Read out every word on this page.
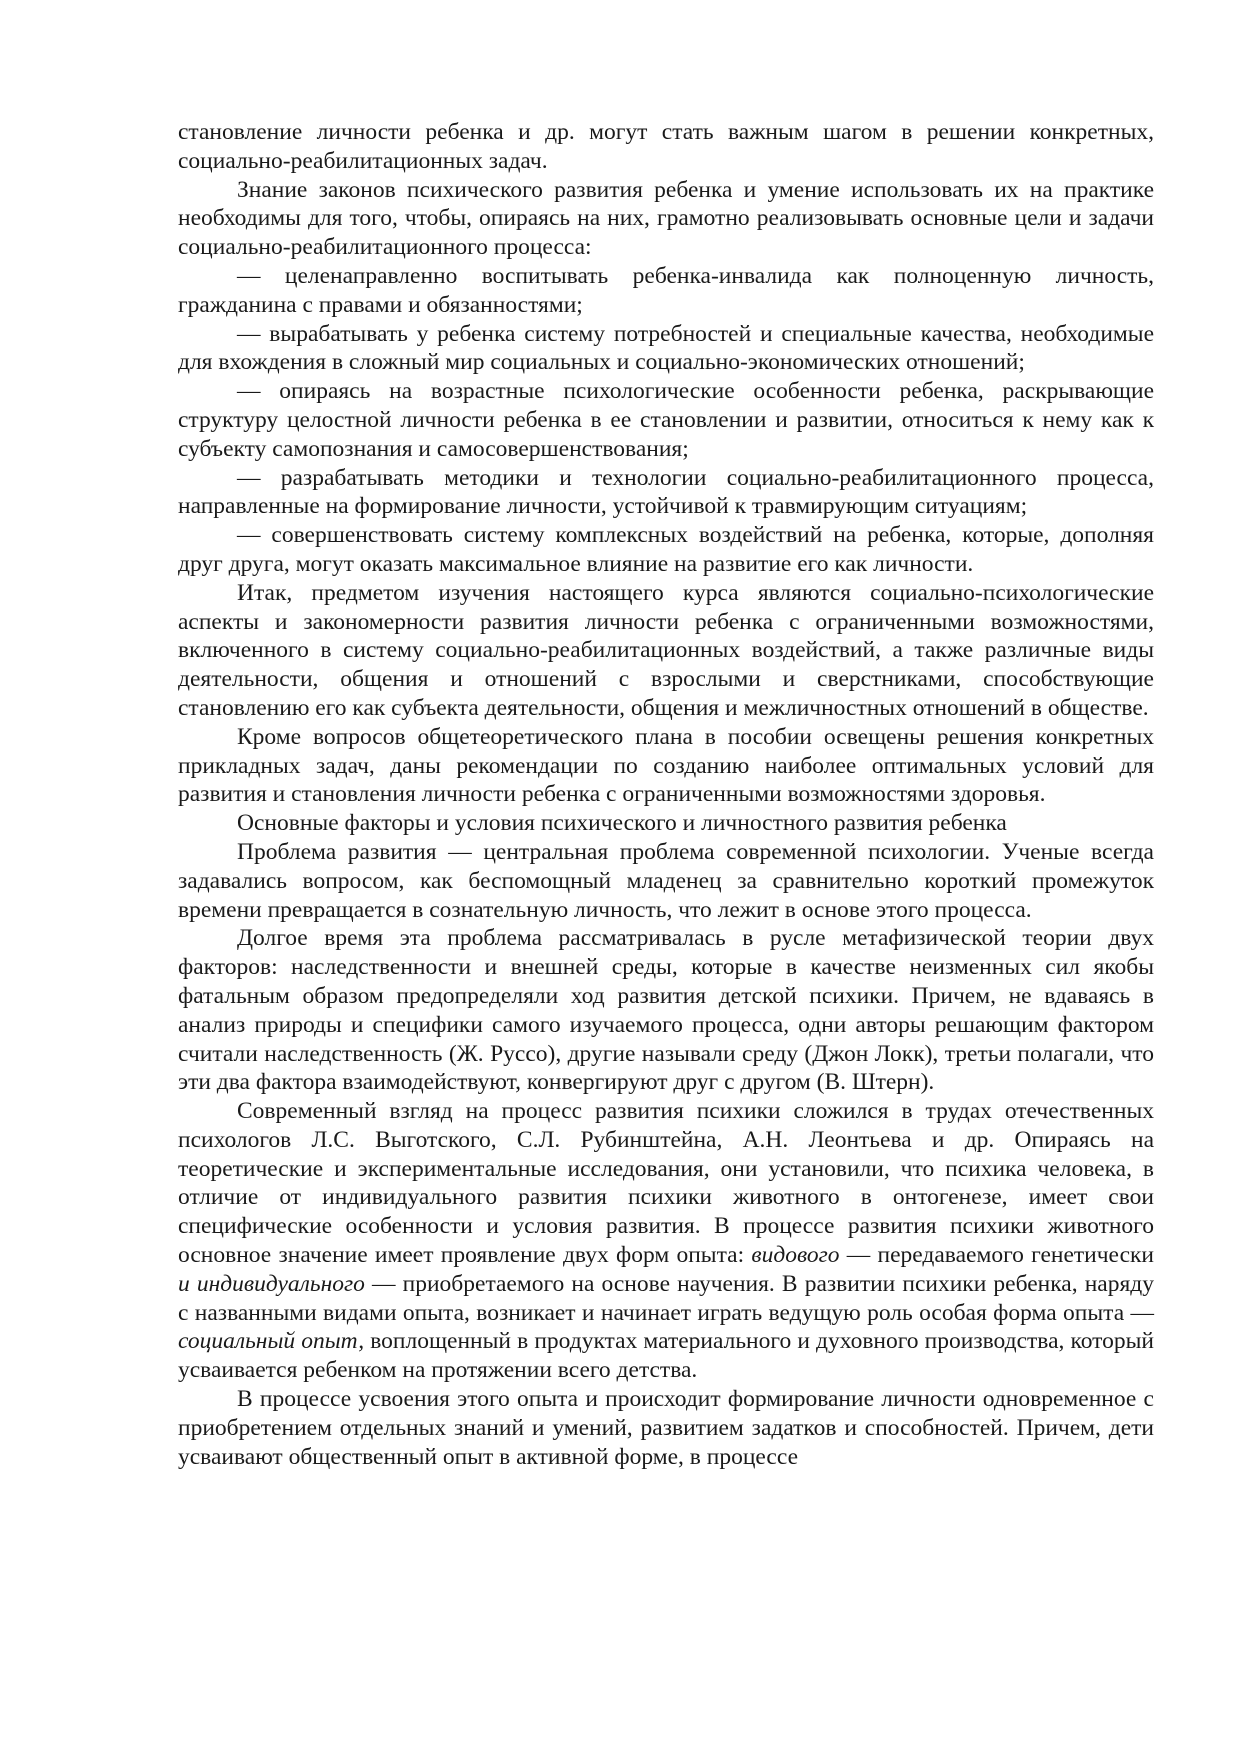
становление личности ребенка и др. могут стать важным шагом в решении конкретных, социально-реабилитационных задач.

Знание законов психического развития ребенка и умение использовать их на практике необходимы для того, чтобы, опираясь на них, грамотно реализовывать основные цели и задачи социально-реабилитационного процесса:

— целенаправленно воспитывать ребенка-инвалида как полноценную личность, гражданина с правами и обязанностями;

— вырабатывать у ребенка систему потребностей и специальные качества, необходимые для вхождения в сложный мир социальных и социально-экономических отношений;

— опираясь на возрастные психологические особенности ребенка, раскрывающие структуру целостной личности ребенка в ее становлении и развитии, относиться к нему как к субъекту самопознания и самосовершенствования;

— разрабатывать методики и технологии социально-реабилитационного процесса, направленные на формирование личности, устойчивой к травмирующим ситуациям;

— совершенствовать систему комплексных воздействий на ребенка, которые, дополняя друг друга, могут оказать максимальное влияние на развитие его как личности.

Итак, предметом изучения настоящего курса являются социально-психологические аспекты и закономерности развития личности ребенка с ограниченными возможностями, включенного в систему социально-реабилитационных воздействий, а также различные виды деятельности, общения и отношений с взрослыми и сверстниками, способствующие становлению его как субъекта деятельности, общения и межличностных отношений в обществе.

Кроме вопросов общетеоретического плана в пособии освещены решения конкретных прикладных задач, даны рекомендации по созданию наиболее оптимальных условий для развития и становления личности ребенка с ограниченными возможностями здоровья.

Основные факторы и условия психического и личностного развития ребенка

Проблема развития — центральная проблема современной психологии. Ученые всегда задавались вопросом, как беспомощный младенец за сравнительно короткий промежуток времени превращается в сознательную личность, что лежит в основе этого процесса.

Долгое время эта проблема рассматривалась в русле метафизической теории двух факторов: наследственности и внешней среды, которые в качестве неизменных сил якобы фатальным образом предопределяли ход развития детской психики. Причем, не вдаваясь в анализ природы и специфики самого изучаемого процесса, одни авторы решающим фактором считали наследственность (Ж. Руссо), другие называли среду (Джон Локк), третьи полагали, что эти два фактора взаимодействуют, конвергируют друг с другом (В. Штерн).

Современный взгляд на процесс развития психики сложился в трудах отечественных психологов Л.С. Выготского, С.Л. Рубинштейна, А.Н. Леонтьева и др. Опираясь на теоретические и экспериментальные исследования, они установили, что психика человека, в отличие от индивидуального развития психики животного в онтогенезе, имеет свои специфические особенности и условия развития. В процессе развития психики животного основное значение имеет проявление двух форм опыта: видового — передаваемого генетически и индивидуального — приобретаемого на основе научения. В развитии психики ребенка, наряду с названными видами опыта, возникает и начинает играть ведущую роль особая форма опыта — социальный опыт, воплощенный в продуктах материального и духовного производства, который усваивается ребенком на протяжении всего детства.

В процессе усвоения этого опыта и происходит формирование личности одновременное с приобретением отдельных знаний и умений, развитием задатков и способностей. Причем, дети усваивают общественный опыт в активной форме, в процессе
